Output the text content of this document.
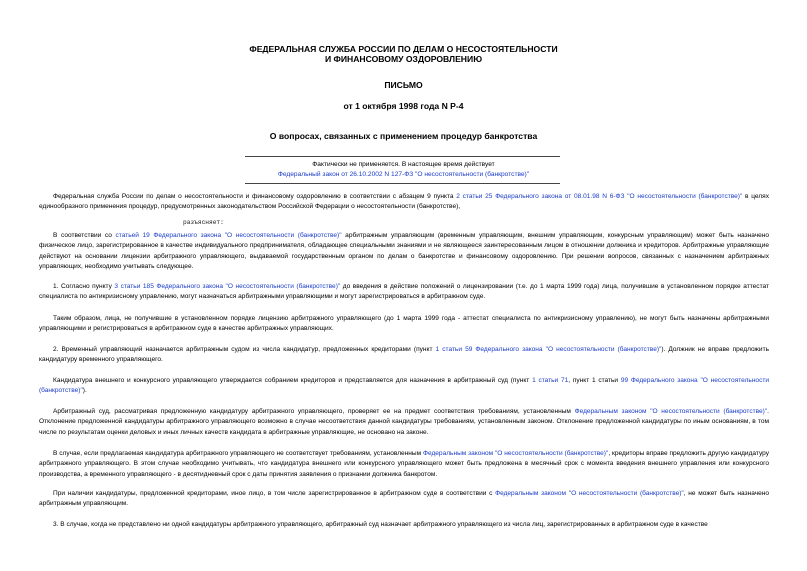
ФЕДЕРАЛЬНАЯ СЛУЖБА РОССИИ ПО ДЕЛАМ О НЕСОСТОЯТЕЛЬНОСТИ
И ФИНАНСОВОМУ ОЗДОРОВЛЕНИЮ
ПИСЬМО
от 1 октября 1998 года N Р-4
О вопросах, связанных с применением процедур банкротства
Фактически не применяется. В настоящее время действует
Федеральный закон от 26.10.2002 N 127-ФЗ "О несостоятельности (банкротстве)"
Федеральная служба России по делам о несостоятельности и финансовому оздоровлению в соответствии с абзацем 9 пункта 2 статьи 25 Федерального закона от 08.01.98 N 6-ФЗ "О несостоятельности (банкротстве)" в целях единообразного применения процедур, предусмотренных законодательством Российской Федерации о несостоятельности (банкротстве),
разъясняет:
В соответствии со статьей 19 Федерального закона "О несостоятельности (банкротстве)" арбитражным управляющим (временным управляющим, внешним управляющим, конкурсным управляющим) может быть назначено физическое лицо, зарегистрированное в качестве индивидуального предпринимателя, обладающее специальными знаниями и не являющееся заинтересованным лицом в отношении должника и кредиторов. Арбитражные управляющие действуют на основании лицензии арбитражного управляющего, выдаваемой государственным органом по делам о банкротстве и финансовому оздоровлению. При решении вопросов, связанных с назначением арбитражных управляющих, необходимо учитывать следующее.
1. Согласно пункту 3 статьи 185 Федерального закона "О несостоятельности (банкротстве)" до введения в действие положений о лицензировании (т.е. до 1 марта 1999 года) лица, получившие в установленном порядке аттестат специалиста по антикризисному управлению, могут назначаться арбитражными управляющими и могут зарегистрироваться в арбитражном суде.
Таким образом, лица, не получившие в установленном порядке лицензию арбитражного управляющего (до 1 марта 1999 года - аттестат специалиста по антикризисному управлению), не могут быть назначены арбитражными управляющими и регистрироваться в арбитражном суде в качестве арбитражных управляющих.
2. Временный управляющий назначается арбитражным судом из числа кандидатур, предложенных кредиторами (пункт 1 статьи 59 Федерального закона "О несостоятельности (банкротстве)"). Должник не вправе предложить кандидатуру временного управляющего.
Кандидатура внешнего и конкурсного управляющего утверждается собранием кредиторов и представляется для назначения в арбитражный суд (пункт 1 статьи 71, пункт 1 статьи 99 Федерального закона "О несостоятельности (банкротстве)").
Арбитражный суд, рассматривая предложенную кандидатуру арбитражного управляющего, проверяет ее на предмет соответствия требованиям, установленным Федеральным законом "О несостоятельности (банкротстве)". Отклонение предложенной кандидатуры арбитражного управляющего возможно в случае несоответствия данной кандидатуры требованиям, установленным законом. Отклонение предложенной кандидатуры по иным основаниям, в том числе по результатам оценки деловых и иных личных качеств кандидата в арбитражные управляющие, не основано на законе.
В случае, если предлагаемая кандидатура арбитражного управляющего не соответствует требованиям, установленным Федеральным законом "О несостоятельности (банкротстве)", кредиторы вправе предложить другую кандидатуру арбитражного управляющего. В этом случае необходимо учитывать, что кандидатура внешнего или конкурсного управляющего может быть предложена в месячный срок с момента введения внешнего управления или конкурсного производства, а временного управляющего - в десятидневный срок с даты принятия заявления о признании должника банкротом.
При наличии кандидатуры, предложенной кредиторами, иное лицо, в том числе зарегистрированное в арбитражном суде в соответствии с Федеральным законом "О несостоятельности (банкротстве)", не может быть назначено арбитражным управляющим.
3. В случае, когда не представлено ни одной кандидатуры арбитражного управляющего, арбитражный суд назначает арбитражного управляющего из числа лиц, зарегистрированных в арбитражном суде в качестве
